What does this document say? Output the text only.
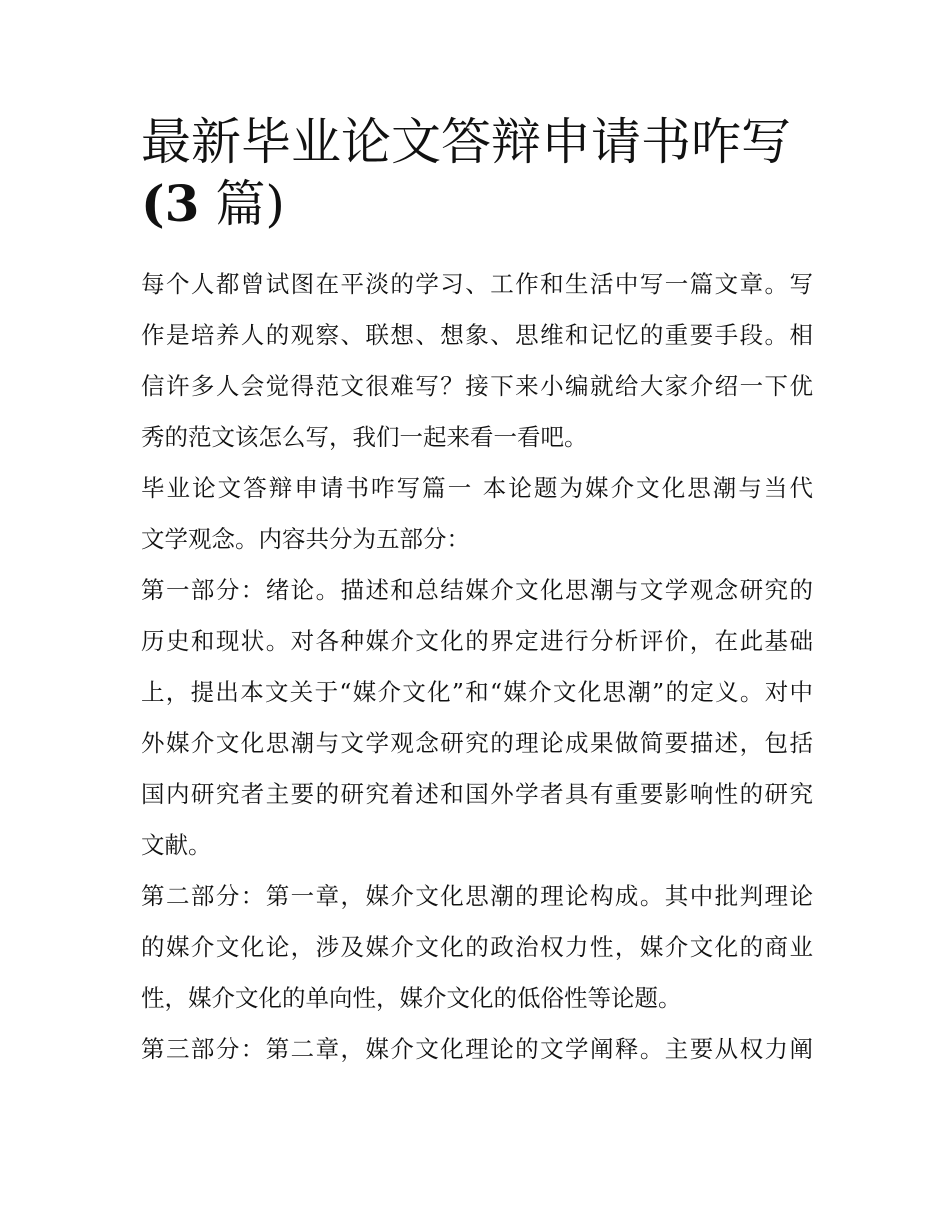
最新毕业论文答辩申请书咋写
(3 篇)

每个人都曾试图在平淡的学习、工作和生活中写一篇文章。写
作是培养人的观察、联想、想象、思维和记忆的重要手段。相
信许多人会觉得范文很难写？接下来小编就给大家介绍一下优
秀的范文该怎么写，我们一起来看一看吧。

毕业论文答辩申请书咋写篇一 本论题为媒介文化思潮与当代
文学观念。内容共分为五部分：

第一部分：绪论。描述和总结媒介文化思潮与文学观念研究的
历史和现状。对各种媒介文化的界定进行分析评价，在此基础
上，提出本文关于“媒介文化”和“媒介文化思潮”的定义。对中
外媒介文化思潮与文学观念研究的理论成果做简要描述，包括
国内研究者主要的研究着述和国外学者具有重要影响性的研究
文献。

第二部分：第一章，媒介文化思潮的理论构成。其中批判理论
的媒介文化论，涉及媒介文化的政治权力性，媒介文化的商业
性，媒介文化的单向性，媒介文化的低俗性等论题。

第三部分：第二章，媒介文化理论的文学阐释。主要从权力阐
